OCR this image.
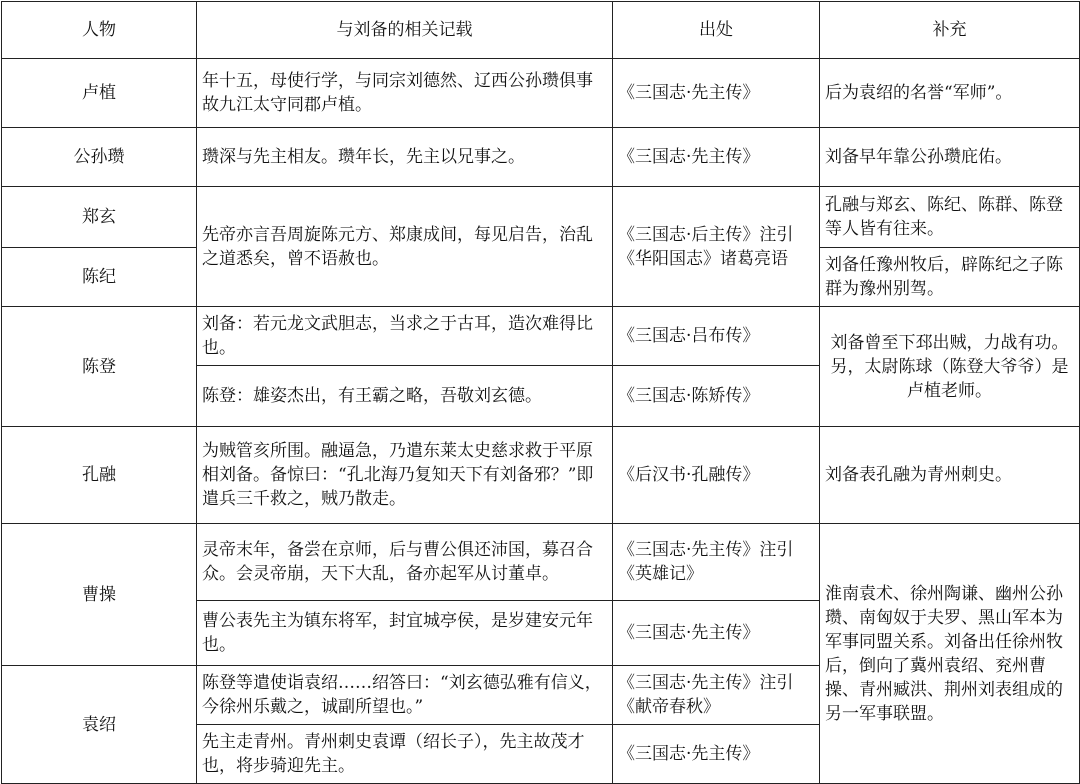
人物	与刘备的相关记载	出处	补充
卢植	年十五，母使行学，与同宗刘德然、辽西公孙瓒俱事故九江太守同郡卢植。	《三国志·先主传》	后为袁绍的名誉“军师”。
公孙瓒	瓒深与先主相友。瓒年长，先主以兄事之。	《三国志·先主传》	刘备早年靠公孙瓒庇佑。
郑玄	先帝亦言吾周旋陈元方、郑康成间，每见启告，治乱之道悉矣，曾不语赦也。	《三国志·后主传》注引《华阳国志》诸葛亮语	孔融与郑玄、陈纪、陈群、陈登等人皆有往来。
陈纪			刘备任豫州牧后，辟陈纪之子陈群为豫州别驾。
陈登	刘备：若元龙文武胆志，当求之于古耳，造次难得比也。	《三国志·吕布传》	刘备曾至下邳出贼，力战有功。另，太尉陈球（陈登大爷爷）是卢植老师。
	陈登：雄姿杰出，有王霸之略，吾敬刘玄德。	《三国志·陈矫传》	
孔融	为贼管亥所围。融逼急，乃遣东莱太史慈求救于平原相刘备。备惊曰：“孔北海乃复知天下有刘备邪？”即遣兵三千救之，贼乃散走。	《后汉书·孔融传》	刘备表孔融为青州刺史。
曹操	灵帝末年，备尝在京师，后与曹公俱还沛国，募召合众。会灵帝崩，天下大乱，备亦起军从讨董卓。	《三国志·先主传》注引《英雄记》	淮南袁术、徐州陶谦、幽州公孙瓒、南匈奴于夫罗、黑山军本为军事同盟关系。刘备出任徐州牧后，倒向了冀州袁绍、兖州曹操、青州臧洪、荆州刘表组成的另一军事联盟。
	曹公表先主为镇东将军，封宜城亭侯，是岁建安元年也。	《三国志·先主传》	
袁绍	陈登等遣使诣袁绍……绍答曰：“刘玄德弘雅有信义，今徐州乐戴之，诚副所望也。”	《三国志·先主传》注引《献帝春秋》	
	先主走青州。青州刺史袁谭（绍长子），先主故茂才也，将步骑迎先主。	《三国志·先主传》	
